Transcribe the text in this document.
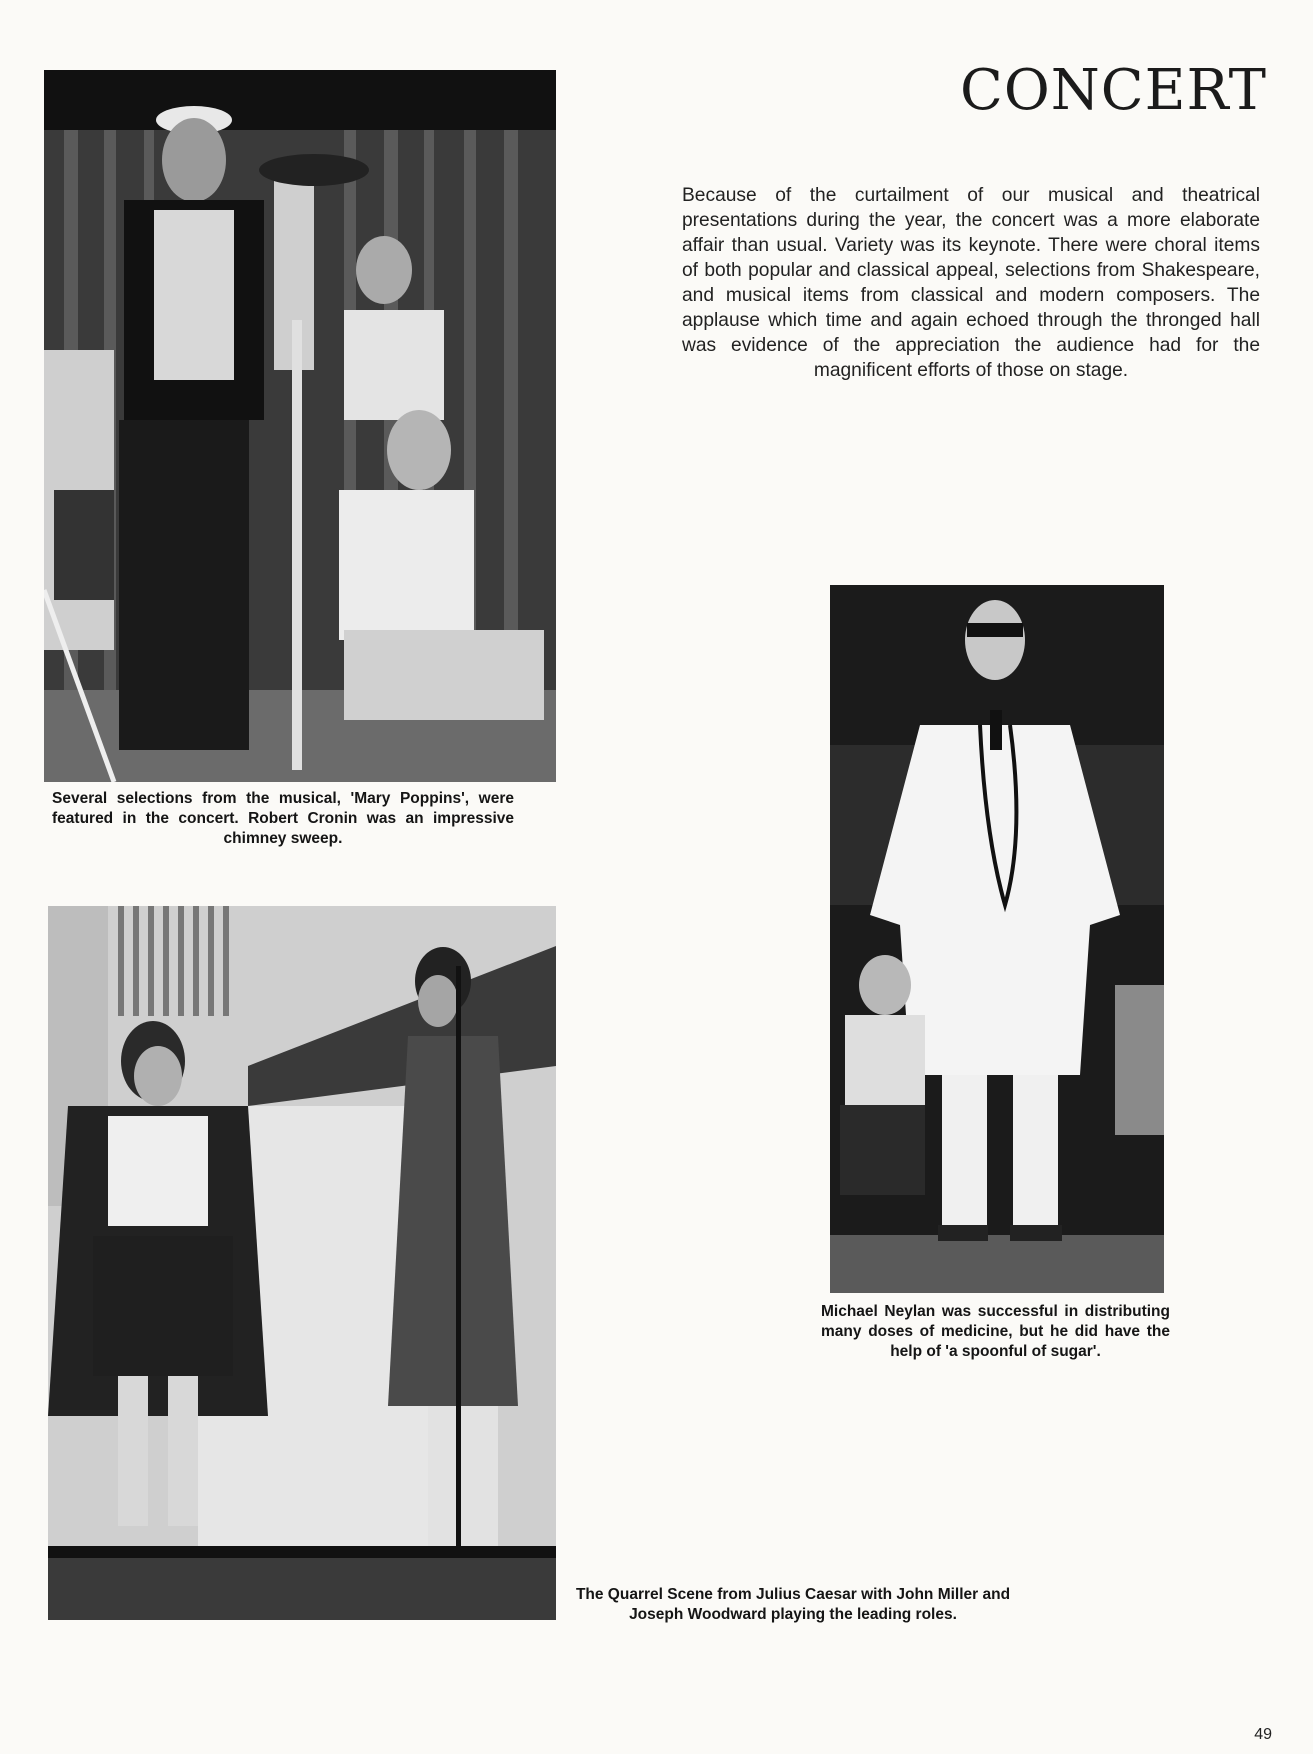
CONCERT
Because of the curtailment of our musical and theatrical presentations during the year, the concert was a more elaborate affair than usual. Variety was its keynote. There were choral items of both popular and classical appeal, selections from Shakespeare, and musical items from classical and modern composers. The applause which time and again echoed through the thronged hall was evidence of the appreciation the audience had for the magnificent efforts of those on stage.
Several selections from the musical, 'Mary Poppins', were featured in the concert. Robert Cronin was an impressive chimney sweep.
Michael Neylan was successful in distributing many doses of medicine, but he did have the help of 'a spoonful of sugar'.
The Quarrel Scene from Julius Caesar with John Miller and Joseph Woodward playing the leading roles.
49
